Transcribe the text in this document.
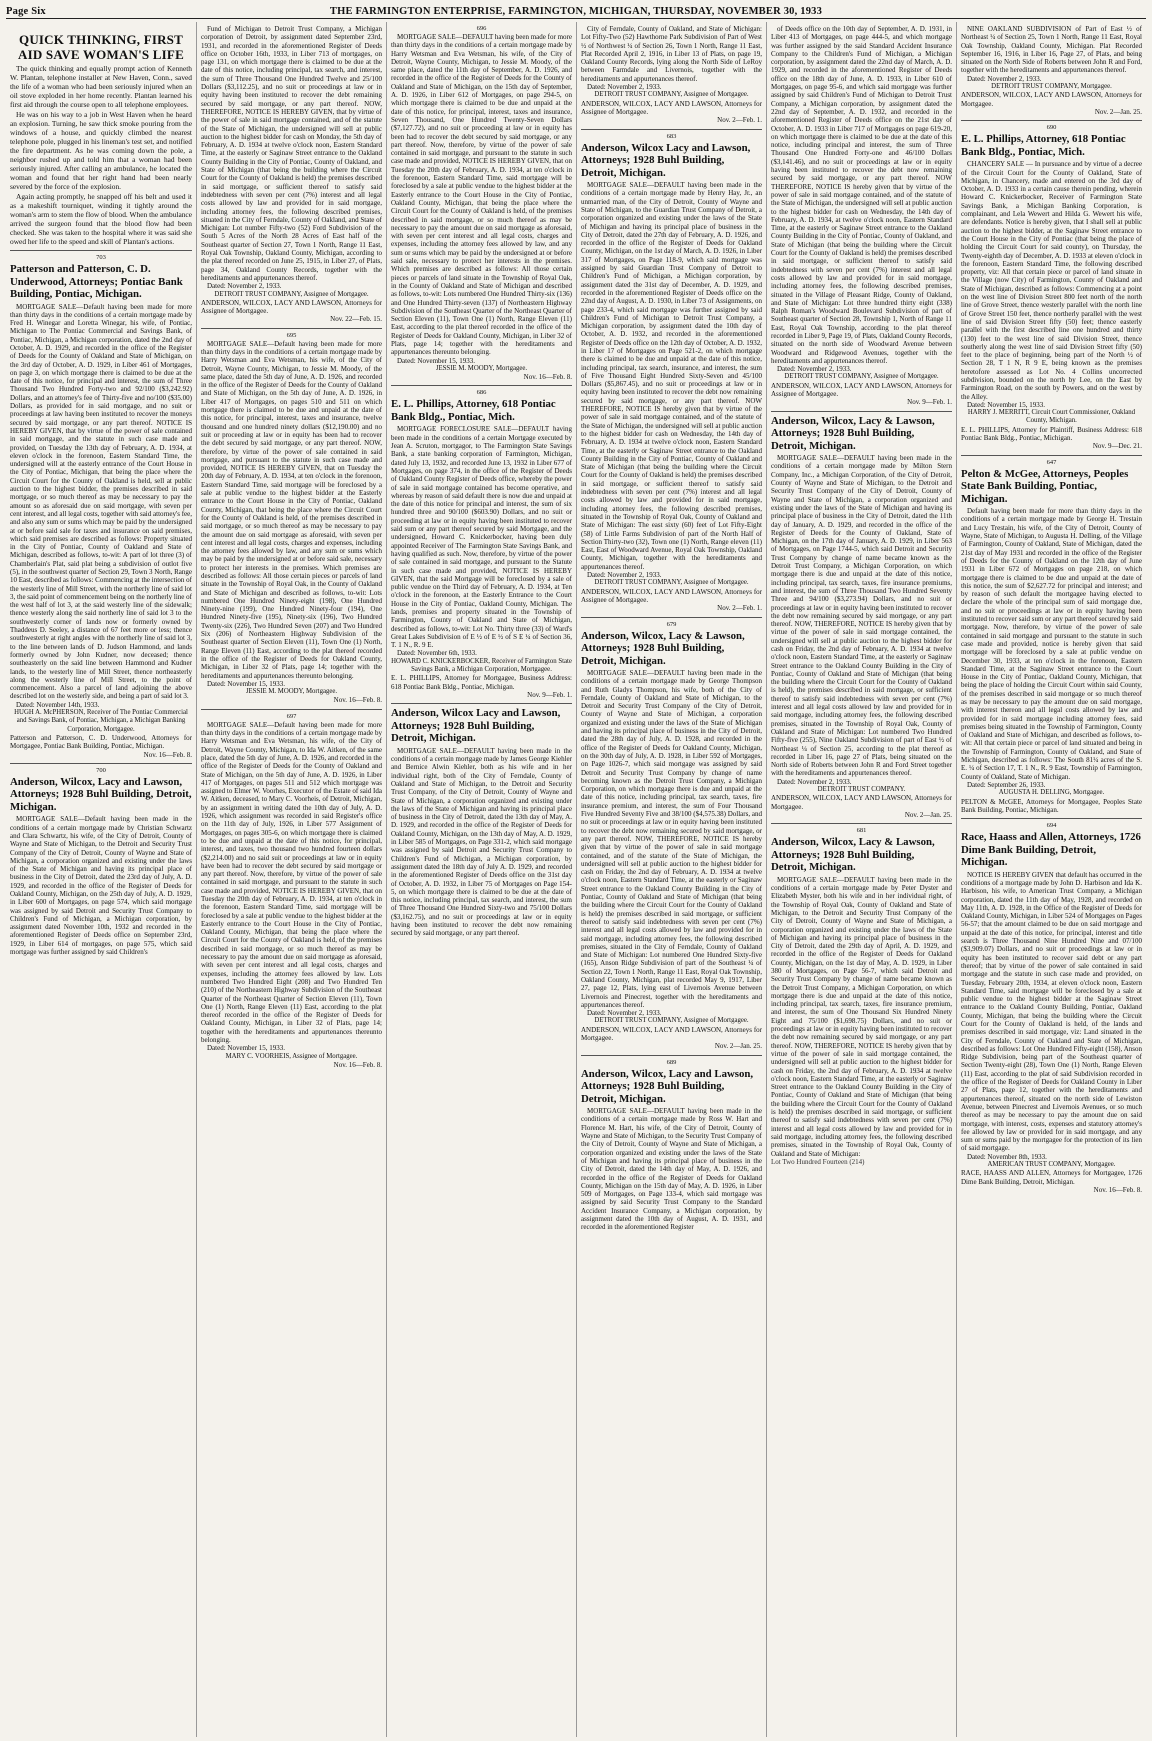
Page Six	THE FARMINGTON ENTERPRISE, FARMINGTON, MICHIGAN, THURSDAY, NOVEMBER 30, 1933
QUICK THINKING, FIRST
AID SAVE WOMAN'S LIFE

The quick thinking and equally prompt action of Kenneth W. Plantan, telephone installer at New Haven, Conn., saved the life of a woman who had been seriously injured when an oil stove exploded in her home recently. Plantan learned his first aid through the course open to all telephone employees.

He was on his way to a job in West Haven when he heard an explosion. Turning, he saw thick smoke pouring from the windows of a house, and quickly climbed the nearest telephone pole, plugged in his lineman's test set, and notified the fire department. As he was coming down the pole, a neighbor rushed up and told him that a woman had been seriously injured. After calling an ambulance, he located the woman and found that her right hand had been nearly severed by the force of the explosion.

Again acting promptly, he snapped off his belt and used it as a makeshift tourniquet, winding it tightly around the woman's arm to stem the flow of blood. When the ambulance arrived the surgeon found that the blood flow had been checked. She was taken to the hospital where it was said she owed her life to the speed and skill of Plantan's actions.

703
Patterson and Patterson, C. D. Underwood, Attorneys; Pontiac Bank Building, Pontiac, Michigan.

MORTGAGE SALE—Default having been made for more than thirty days in the conditions of a certain mortgage made by Fred H. Winegar and Loretta Winegar, his wife, of Pontiac, Michigan to The Pontiac Commercial and Savings Bank, of Pontiac, Michigan, a Michigan corporation, dated the 2nd day of October, A. D. 1929, and recorded in the office of the Register of Deeds for the County of Oakland and State of Michigan, on the 3rd day of October, A. D. 1929, in Liber 461 of Mortgages, on page 3, on which mortgage there is claimed to be due at the date of this notice, for principal and interest, the sum of Three Thousand Two Hundred Forty-two and 92/100 ($3,242.92) Dollars, and an attorney's fee of Thirty-five and no/100 ($35.00) Dollars, as provided for in said mortgage, and no suit or proceedings at law having been instituted to recover the moneys secured by said mortgage, or any part thereof. NOTICE IS HEREBY GIVEN, that by virtue of the power of sale contained in said mortgage, and the statute in such case made and provided, on Tuesday the 13th day of February, A. D. 1934, at eleven o'clock in the forenoon, Eastern Standard Time, the undersigned will at the easterly entrance of the Court House in the City of Pontiac, Michigan, that being the place where the Circuit Court for the County of Oakland is held, sell at public auction to the highest bidder, the premises described in said mortgage, or so much thereof as may be necessary to pay the amount so as aforesaid due on said mortgage, with seven per cent interest, and all legal costs, together with said attorney's fee, and also any sum or sums which may be paid by the undersigned at or before said sale for taxes and insurance on said premises, which said premises are described as follows: Property situated in the City of Pontiac, County of Oakland and State of Michigan, described as follows, to-wit: A part of lot three (3) of Chamberlain's Plat, said plat being a subdivision of outlot five (5), in the southwest quarter of Section 29, Town 3 North, Range 10 East, described as follows: Commencing at the intersection of the westerly line of Mill Street, with the northerly line of said lot 3, the said point of commencement being on the northerly line of the west half of lot 3, at the said westerly line of the sidewalk; thence westerly along the said northerly line of said lot 3 to the southwesterly corner of lands now or formerly owned by Thaddeus D. Seeley, a distance of 67 feet more or less; thence southwesterly at right angles with the northerly line of said lot 3, to the line between lands of D. Judson Hammond, and lands formerly owned by John Kudner, now deceased; thence southeasterly on the said line between Hammond and Kudner lands, to the westerly line of Mill Street, thence northeasterly along the westerly line of Mill Street, to the point of commencement. Also a parcel of land adjoining the above described lot on the westerly side, and being a part of said lot 3.

Dated: November 14th, 1933.

HUGH A. McPHERSON, Receiver of The Pontiac Commercial and Savings Bank, of Pontiac, Michigan, a Michigan Banking Corporation, Mortgagee.
Patterson and Patterson, C. D. Underwood, Attorneys for Mortgagee, Pontiac Bank Building, Pontiac, Michigan.
Nov. 16—Feb. 8.
700
Anderson, Wilcox, Lacy and Lawson, Attorneys; 1928 Buhl Building, Detroit, Michigan.

MORTGAGE SALE—Default having been made in the conditions of a certain mortgage made by Christian Schwartz and Clara Schwartz, his wife, of the City of Detroit, County of Wayne and State of Michigan, to the Detroit and Security Trust Company of the City of Detroit, County of Wayne and State of Michigan, a corporation organized and existing under the laws of the State of Michigan and having its principal place of business in the City of Detroit, dated the 23rd day of July, A. D. 1929, and recorded in the office of the Register of Deeds for Oakland County, Michigan, on the 25th day of July, A. D. 1929, in Liber 600 of Mortgages, on page 574, which said mortgage was assigned by said Detroit and Security Trust Company to Children's Fund of Michigan, a Michigan corporation, by assignment dated November 10th, 1932 and recorded in the aforementioned Register of Deeds office on September 23rd, 1929, in Liber 614 of mortgages, on page 575, which said mortgage was further assigned by said Children's

Fund of Michigan to Detroit Trust Company, a Michigan corporation of Detroit, by assignment dated September 23rd, 1931, and recorded in the aforementioned Register of Deeds office on October 16th, 1933, in Liber 713 of mortgages, on page 131, on which mortgage there is claimed to be due at the date of this notice, including principal, tax search, and interest, the sum of Three Thousand One Hundred Twelve and 25/100 Dollars ($3,112.25), and no suit or proceedings at law or in equity having been instituted to recover the debt remaining secured by said mortgage, or any part thereof. NOW, THEREFORE, NOTICE IS HEREBY GIVEN, that by virtue of the power of sale in said mortgage contained, and of the statute of the State of Michigan, the undersigned will sell at public auction to the highest bidder for cash on Monday, the 5th day of February, A. D. 1934 at twelve o'clock noon, Eastern Standard Time, at the easterly or Saginaw Street entrance to the Oakland County Building in the City of Pontiac, County of Oakland, and State of Michigan (that being the building where the Circuit Court for the County of Oakland is held) the premises described in said mortgage, or sufficient thereof to satisfy said indebtedness with seven per cent (7%) interest and all legal costs allowed by law and provided for in said mortgage, including attorney fees, the following described premises, situated in the City of Ferndale, County of Oakland, and State of Michigan: Lot number Fifty-two (52) Ford Subdivision of the South 5 Acres of the North 28 Acres of East half of the Southeast quarter of Section 27, Town 1 North, Range 11 East, Royal Oak Township, Oakland County, Michigan, according to the plat thereof recorded on June 25, 1915, in Liber 27, of Plats, page 34, Oakland County Records, together with the hereditaments and appurtenances thereof.

Dated: November 2, 1933.

DETROIT TRUST COMPANY, Assignee of Mortgagee.
ANDERSON, WILCOX, LACY AND LAWSON, Attorneys for Assignee of Mortgagee.
Nov. 22—Feb. 15.
695

MORTGAGE SALE—Default having been made for more than thirty days in the conditions of a certain mortgage made by Harry Wetsman and Eva Wetsman, his wife, of the City of Detroit, Wayne County, Michigan, to Jessie M. Moody, of the same place, dated the 5th day of June, A. D. 1926, and recorded in the office of the Register of Deeds for the County of Oakland and State of Michigan, on the 5th day of June, A. D. 1926, in Liber 417 of Mortgages, on pages 510 and 511 on which mortgage there is claimed to be due and unpaid at the date of this notice, for principal, interest, taxes and insurance, twelve thousand and one hundred ninety dollars ($12,190.00) and no suit or proceeding at law or in equity has been had to recover the debt secured by said mortgage, or any part thereof. NOW, therefore, by virtue of the power of sale contained in said mortgage, and pursuant to the statute in such case made and provided, NOTICE IS HEREBY GIVEN, that on Tuesday the 20th day of February, A. D. 1934, at ten o'clock in the forenoon, Eastern Standard Time, said mortgage will be foreclosed by a sale at public vendue to the highest bidder at the Easterly entrance to the Court House in the City of Pontiac, Oakland County, Michigan, that being the place where the Circuit Court for the County of Oakland is held, of the premises described in said mortgage, or so much thereof as may be necessary to pay the amount due on said mortgage as aforesaid, with seven per cent interest and all legal costs, charges and expenses, including the attorney fees allowed by law, and any sum or sums which may be paid by the undersigned at or before said sale, necessary to protect her interests in the premises. Which premises are described as follows: All those certain pieces or parcels of land situate in the Township of Royal Oak, in the County of Oakland and State of Michigan and described as follows, to-wit: Lots numbered One Hundred Ninety-eight (198), One Hundred Ninety-nine (199), One Hundred Ninety-four (194), One Hundred Ninety-five (195), Ninety-six (196), Two Hundred Twenty-six (226), Two Hundred Seven (207) and Two Hundred Six (206) of Northeastern Highway Subdivision of the Southeast quarter of Section Eleven (11), Town One (1) North, Range Eleven (11) East, according to the plat thereof recorded in the office of the Register of Deeds for Oakland County, Michigan, in Liber 32 of Plats, page 14; together with the hereditaments and appurtenances thereunto belonging.

Dated: November 15, 1933.

JESSIE M. MOODY, Mortgagee.
Nov. 16—Feb. 8.
697

MORTGAGE SALE—Default having been made for more than thirty days in the conditions of a certain mortgage made by Harry Wetsman and Eva Wetsman, his wife, of the City of Detroit, Wayne County, Michigan, to Ida W. Aitken, of the same place, dated the 5th day of June, A. D. 1926, and recorded in the office of the Register of Deeds for the County of Oakland and State of Michigan, on the 5th day of June, A. D. 1926, in Liber 417 of Mortgages, on pages 511 and 512 which mortgage was assigned to Elmer W. Voorhes, Executor of the Estate of said Ida W. Aitken, deceased, to Mary C. Voorheis, of Detroit, Michigan, by an assignment in writing dated the 10th day of July, A. D. 1926, which assignment was recorded in said Register's office on the 11th day of July, 1926, in Liber 577 Assignment of Mortgages, on pages 305-6, on which mortgage there is claimed to be due and unpaid at the date of this notice, for principal, interest, and taxes, two thousand two hundred fourteen dollars ($2,214.00) and no said suit or proceedings at law or in equity have been had to recover the debt secured by said mortgage or any part thereof. Now, therefore, by virtue of the power of sale contained in said mortgage, and pursuant to the statute in such case made and provided, NOTICE IS HEREBY GIVEN, that on Tuesday the 20th day of February, A. D. 1934, at ten o'clock in the forenoon, Eastern Standard Time, said mortgage will be foreclosed by a sale at public vendue to the highest bidder at the Easterly entrance to the Court House in the City of Pontiac, Oakland County, Michigan, that being the place where the Circuit Court for the County of Oakland is held, of the premises described in said mortgage, or so much thereof as may be necessary to pay the amount due on said mortgage as aforesaid, with seven per cent interest and all legal costs, charges and expenses, including the attorney fees allowed by law. Lots numbered Two Hundred Eight (208) and Two Hundred Ten (210) of the Northeastern Highway Subdivision of the Southeast Quarter of the Northeast Quarter of Section Eleven (11), Town One (1) North, Range Eleven (11) East, according to the plat thereof recorded in the office of the Register of Deeds for Oakland County, Michigan, in Liber 32 of Plats, page 14; together with the hereditaments and appurtenances thereunto belonging.

Dated: November 15, 1933.

MARY C. VOORHEIS, Assignee of Mortgagee.
Nov. 16—Feb. 8.
696

MORTGAGE SALE—DEFAULT having been made for more than thirty days in the conditions of a certain mortgage made by Harry Wetsman and Eva Wetsman, his wife, of the City of Detroit, Wayne County, Michigan, to Jessie M. Moody, of the same place, dated the 11th day of September, A. D. 1926, and recorded in the office of the Register of Deeds for the County of Oakland and State of Michigan, on the 15th day of September, A. D. 1926, in Liber 612 of Mortgages, on page 294-5, on which mortgage there is claimed to be due and unpaid at the date of this notice, for principal, interest, taxes and insurance, Seven Thousand, One Hundred Twenty-Seven Dollars ($7,127.72), and no suit or proceeding at law or in equity has been had to recover the debt secured by said mortgage, or any part thereof. Now, therefore, by virtue of the power of sale contained in said mortgage, and pursuant to the statute in such case made and provided, NOTICE IS HEREBY GIVEN, that on Tuesday the 20th day of February, A. D. 1934, at ten o'clock in the forenoon, Eastern Standard Time, said mortgage will be foreclosed by a sale at public vendue to the highest bidder at the Easterly entrance to the Court House in the City of Pontiac, Oakland County, Michigan, that being the place where the Circuit Court for the County of Oakland is held, of the premises described in said mortgage, or so much thereof as may be necessary to pay the amount due on said mortgage as aforesaid, with seven per cent interest and all legal costs, charges and expenses, including the attorney fees allowed by law, and any sum or sums which may be paid by the undersigned at or before said sale, necessary to protect her interests in the premises. Which premises are described as follows: All those certain pieces or parcels of land situate in the Township of Royal Oak, in the County of Oakland and State of Michigan and described as follows, to-wit: Lots numbered One Hundred Thirty-six (136) and One Hundred Thirty-seven (137) of Northeastern Highway Subdivision of the Southeast Quarter of the Northeast Quarter of Section Eleven (11), Town One (1) North, Range Eleven (11) East, according to the plat thereof recorded in the office of the Register of Deeds for Oakland County, Michigan, in Liber 32 of Plats, page 14; together with the hereditaments and appurtenances thereunto belonging.

Dated: November 15, 1933.

JESSIE M. MOODY, Mortgagee.
Nov. 16—Feb. 8.
686
E. L. Phillips, Attorney, 618 Pontiac Bank Bldg., Pontiac, Mich.

MORTGAGE FORECLOSURE SALE—DEFAULT having been made in the conditions of a certain Mortgage executed by Jean A. Scruton, mortgagor, to The Farmington State Savings Bank, a state banking corporation of Farmington, Michigan, dated July 13, 1932, and recorded June 13, 1932 in Liber 677 of Mortgages, on page 374, in the office of the Register of Deeds of Oakland County Register of Deeds office, whereby the power of sale in said mortgage contained has become operative, and whereas by reason of said default there is now due and unpaid at the date of this notice for principal and interest, the sum of six hundred three and 90/100 ($603.90) Dollars, and no suit or proceeding at law or in equity having been instituted to recover said sum or any part thereof secured by said Mortgage, and the undersigned, Howard C. Knickerbocker, having been duly appointed Receiver of The Farmington State Savings Bank, and having qualified as such. Now, therefore, by virtue of the power of sale contained in said mortgage, and pursuant to the Statute in such case made and provided, NOTICE IS HEREBY GIVEN, that the said Mortgage will be foreclosed by a sale of public vendue on the Third day of February, A. D. 1934, at Ten o'clock in the forenoon, at the Easterly Entrance to the Court House in the City of Pontiac, Oakland County, Michigan. The lands, premises and property situated in the Township of Farmington, County of Oakland and State of Michigan, described as follows, to-wit: Lot No. Thirty three (33) of Ward's Great Lakes Subdivision of E ½ of E ½ of S E ¼ of Section 36, T. 1 N., R. 9 E.

Dated: November 6th, 1933.

HOWARD C. KNICKERBOCKER, Receiver of Farmington State Savings Bank, a Michigan Corporation, Mortgagee.
E. L. PHILLIPS, Attorney for Mortgagee, Business Address: 618 Pontiac Bank Bldg., Pontiac, Michigan.
Nov. 9—Feb. 1.
Anderson, Wilcox Lacy and Lawson, Attorneys; 1928 Buhl Building, Detroit, Michigan.

MORTGAGE SALE—DEFAULT having been made in the conditions of a certain mortgage made by James George Kiehler and Bernice Alwin Kiehler, both as his wife and in her individual right, both of the City of Ferndale, County of Oakland and State of Michigan, to the Detroit and Security Trust Company, of the City of Detroit, County of Wayne and State of Michigan, a corporation organized and existing under the laws of the State of Michigan and having its principal place of business in the City of Detroit, dated the 13th day of May, A. D. 1929, and recorded in the office of the Register of Deeds for Oakland County, Michigan, on the 13th day of May, A. D. 1929, in Liber 585 of Mortgages, on Page 331-2, which said mortgage was assigned by said Detroit and Security Trust Company to Children's Fund of Michigan, a Michigan corporation, by assignment dated the 18th day of July A. D. 1929, and recorded in the aforementioned Register of Deeds office on the 31st day of October, A. D. 1932, in Liber 75 of Mortgages on Page 154-5, on which mortgage there is claimed to be due at the date of this notice, including principal, tax search, and interest, the sum of Three Thousand One Hundred Sixty-two and 75/100 Dollars ($3,162.75), and no suit or proceedings at law or in equity having been instituted to recover the debt now remaining secured by said mortgage, or any part thereof.

City of Ferndale, County of Oakland, and State of Michigan: Lot Fifty-Two (52) Hawthorne Park Subdivision of Part of West ½ of Northwest ¼ of Section 26, Town 1 North, Range 11 East, Plat Recorded April 2, 1916, in Liber 13 of Plats, on page 19, Oakland County Records, lying along the North Side of LeRoy between Farmdale and Livernois, together with the hereditaments and appurtenances thereof.

Dated: November 2, 1933.

DETROIT TRUST COMPANY, Assignee of Mortgagee.
ANDERSON, WILCOX, LACY AND LAWSON, Attorneys for Assignee of Mortgagee.
Nov. 2—Feb. 1.
683
Anderson, Wilcox Lacy and Lawson, Attorneys; 1928 Buhl Building, Detroit, Michigan.

MORTGAGE SALE—DEFAULT having been made in the conditions of a certain mortgage made by Henry Hay, Jr., an unmarried man, of the City of Detroit, County of Wayne and State of Michigan, to the Guardian Trust Company of Detroit, a corporation organized and existing under the laws of the State of Michigan and having its principal place of business in the City of Detroit, dated the 27th day of February, A. D. 1926, and recorded in the office of the Register of Deeds for Oakland County, Michigan, on the 1st day of March, A. D. 1926, in Liber 317 of Mortgages, on Page 118-9, which said mortgage was assigned by said Guardian Trust Company of Detroit to Children's Fund of Michigan, a Michigan corporation, by assignment dated the 31st day of December, A. D. 1929, and recorded in the aforementioned Register of Deeds office on the 22nd day of August, A. D. 1930, in Liber 73 of Assignments, on page 233-4, which said mortgage was further assigned by said Children's Fund of Michigan to Detroit Trust Company, a Michigan corporation, by assignment dated the 10th day of October, A. D. 1932, and recorded in the aforementioned Register of Deeds office on the 12th day of October, A. D. 1932, in Liber 17 of Mortgages on Page 521-2, on which mortgage there is claimed to be due and unpaid at the date of this notice, including principal, tax search, insurance, and interest, the sum of Five Thousand Eight Hundred Sixty-Seven and 45/100 Dollars ($5,867.45), and no suit or proceedings at law or in equity having been instituted to recover the debt now remaining secured by said mortgage, or any part thereof. NOW THEREFORE, NOTICE IS hereby given that by virtue of the power of sale in said mortgage contained, and of the statute of the State of Michigan, the undersigned will sell at public auction to the highest bidder for cash on Wednesday, the 14th day of February, A. D. 1934 at twelve o'clock noon, Eastern Standard Time, at the easterly or Saginaw Street entrance to the Oakland County Building in the City of Pontiac, County of Oakland and State of Michigan (that being the building where the Circuit Court for the County of Oakland is held) the premises described in said mortgage, or sufficient thereof to satisfy said indebtedness with seven per cent (7%) interest and all legal costs allowed by law and provided for in said mortgage, including attorney fees, the following described premises, situated in the Township of Royal Oak, County of Oakland and State of Michigan: The east sixty (60) feet of Lot Fifty-Eight (58) of Little Farms Subdivision of part of the North Half of Section Thirty-two (32), Town one (1) North, Range eleven (11) East, East of Woodward Avenue, Royal Oak Township, Oakland County, Michigan, together with the hereditaments and appurtenances thereof.

Dated: November 2, 1933.

DETROIT TRUST COMPANY, Assignee of Mortgagee.
ANDERSON, WILCOX, LACY AND LAWSON, Attorneys for Assignee of Mortgagee.
Nov. 2—Feb. 1.
679
Anderson, Wilcox, Lacy & Lawson, Attorneys; 1928 Buhl Building, Detroit, Michigan.

MORTGAGE SALE—DEFAULT having been made in the conditions of a certain mortgage made by George Thompson and Ruth Gladys Thompson, his wife, both of the City of Ferndale, County of Oakland and State of Michigan, to the Detroit and Security Trust Company of the City of Detroit, County of Wayne and State of Michigan, a corporation organized and existing under the laws of the State of Michigan and having its principal place of business in the City of Detroit, dated the 28th day of July, A. D. 1928, and recorded in the office of the Register of Deeds for Oakland County, Michigan, on the 30th day of July, A. D. 1928, in Liber 592 of Mortgages, on Page 1026-7, which said mortgage was assigned by said Detroit and Security Trust Company by change of name becoming known as the Detroit Trust Company, a Michigan Corporation, on which mortgage there is due and unpaid at the date of this notice, including principal, tax search, taxes, fire insurance premium, and interest, the sum of Four Thousand Five Hundred Seventy Five and 38/100 ($4,575.38) Dollars, and no suit or proceedings at law or in equity having been instituted to recover the debt now remaining secured by said mortgage, or any part thereof. NOW, THEREFORE, NOTICE IS hereby given that by virtue of the power of sale in said mortgage contained, and of the statute of the State of Michigan, the undersigned will sell at public auction to the highest bidder for cash on Friday, the 2nd day of February, A. D. 1934 at twelve o'clock noon, Eastern Standard Time, at the easterly or Saginaw Street entrance to the Oakland County Building in the City of Pontiac, County of Oakland and State of Michigan (that being the building where the Circuit Court for the County of Oakland is held) the premises described in said mortgage, or sufficient thereof to satisfy said indebtedness with seven per cent (7%) interest and all legal costs allowed by law and provided for in said mortgage, including attorney fees, the following described premises, situated in the City of Ferndale, County of Oakland and State of Michigan: Lot numbered One Hundred Sixty-five (165), Anson Ridge Subdivision of part of the Southeast ¼ of Section 22, Town 1 North, Range 11 East, Royal Oak Township, Oakland County, Michigan, plat recorded May 9, 1917, Liber 27, page 12, Plats, lying east of Livernois Avenue between Livernois and Pinecrest, together with the hereditaments and appurtenances thereof.

Dated: November 2, 1933.

DETROIT TRUST COMPANY, Assignee of Mortgagee.
ANDERSON, WILCOX, LACY AND LAWSON, Attorneys for Mortgagee.
Nov. 2—Jan. 25.
689
Anderson, Wilcox, Lacy and Lawson, Attorneys; 1928 Buhl Building, Detroit, Michigan.

MORTGAGE SALE—DEFAULT having been made in the conditions of a certain mortgage made by Ross W. Hart and Florence M. Hart, his wife, of the City of Detroit, County of Wayne and State of Michigan, to the Security Trust Company of the City of Detroit, County of Wayne and State of Michigan, a corporation organized and existing under the laws of the State of Michigan and having its principal place of business in the City of Detroit, dated the 14th day of May, A. D. 1926, and recorded in the office of the Register of Deeds for Oakland County, Michigan on the 15th day of May, A. D. 1926, in Liber 509 of Mortgages, on Page 133-4, which said mortgage was assigned by said Security Trust Company to the Standard Accident Insurance Company, a Michigan corporation, by assignment dated the 10th day of August, A. D. 1931, and recorded in the aforementioned Register

of Deeds office on the 10th day of September, A. D. 1931, in Liber 413 of Mortgages, on page 444-5, and which mortgage was further assigned by the said Standard Accident Insurance Company to the Children's Fund of Michigan, a Michigan corporation, by assignment dated the 22nd day of March, A. D. 1929, and recorded in the aforementioned Register of Deeds office on the 18th day of June, A. D. 1933, in Liber 610 of Mortgages, on page 95-6, and which said mortgage was further assigned by said Children's Fund of Michigan to Detroit Trust Company, a Michigan corporation, by assignment dated the 22nd day of September, A. D. 1932, and recorded in the aforementioned Register of Deeds office on the 21st day of October, A. D. 1933 in Liber 717 of Mortgages on page 619-20, on which mortgage there is claimed to be due at the date of this notice, including principal and interest, the sum of Three Thousand One Hundred Forty-one and 46/100 Dollars ($3,141.46), and no suit or proceedings at law or in equity having been instituted to recover the debt now remaining secured by said mortgage, or any part thereof. NOW THEREFORE, NOTICE IS hereby given that by virtue of the power of sale in said mortgage contained, and of the statute of the State of Michigan, the undersigned will sell at public auction to the highest bidder for cash on Wednesday, the 14th day of February, A. D. 1934, at twelve o'clock noon, Eastern Standard Time, at the easterly or Saginaw Street entrance to the Oakland County Building in the City of Pontiac, County of Oakland, and State of Michigan (that being the building where the Circuit Court for the County of Oakland is held) the premises described in said mortgage, or sufficient thereof to satisfy said indebtedness with seven per cent (7%) interest and all legal costs allowed by law and provided for in said mortgage, including attorney fees, the following described premises, situated in the Village of Pleasant Ridge, County of Oakland, and State of Michigan: Lot three hundred thirty eight (338) Ralph Roman's Woodward Boulevard Subdivision of part of Southeast quarter of Section 28, Township 1, North of Range 11 East, Royal Oak Township, according to the plat thereof recorded in Liber 9, Page 19, of Plats, Oakland County Records, situated on the north side of Woodward Avenue between Woodward and Ridgewood Avenues, together with the hereditaments and appurtenances thereof.

Dated: November 2, 1933.

DETROIT TRUST COMPANY, Assignee of Mortgagee.
ANDERSON, WILCOX, LACY AND LAWSON, Attorneys for Assignee of Mortgagee.
Nov. 9—Feb. 1.
Anderson, Wilcox, Lacy & Lawson, Attorneys; 1928 Buhl Building, Detroit, Michigan.

MORTGAGE SALE—DEFAULT having been made in the conditions of a certain mortgage made by Milton Stern Company, Inc., a Michigan Corporation, of the City of Detroit, County of Wayne and State of Michigan, to the Detroit and Security Trust Company of the City of Detroit, County of Wayne and State of Michigan, a corporation organized and existing under the laws of the State of Michigan and having its principal place of business in the City of Detroit, dated the 11th day of January, A. D. 1929, and recorded in the office of the Register of Deeds for the County of Oakland, State of Michigan, on the 17th day of January, A. D. 1929, in Liber 563 of Mortgages, on Page 1744-5, which said Detroit and Security Trust Company by change of name became known as the Detroit Trust Company, a Michigan Corporation, on which mortgage there is due and unpaid at the date of this notice, including principal, tax search, taxes, fire insurance premiums, and interest, the sum of Three Thousand Two Hundred Seventy Three and 94/100 ($3,273.94) Dollars, and no suit or proceedings at law or in equity having been instituted to recover the debt now remaining secured by said mortgage, or any part thereof. NOW, THEREFORE, NOTICE IS hereby given that by virtue of the power of sale in said mortgage contained, the undersigned will sell at public auction to the highest bidder for cash on Friday, the 2nd day of February, A. D. 1934 at twelve o'clock noon, Eastern Standard Time, at the easterly or Saginaw Street entrance to the Oakland County Building in the City of Pontiac, County of Oakland and State of Michigan (that being the building where the Circuit Court for the County of Oakland is held), the premises described in said mortgage, or sufficient thereof to satisfy said indebtedness with seven per cent (7%) interest and all legal costs allowed by law and provided for in said mortgage, including attorney fees, the following described premises, situated in the Township of Royal Oak, County of Oakland and State of Michigan: Lot numbered Two Hundred Fifty-five (255), Nine Oakland Subdivision of part of East ½ of Northeast ¼ of Section 25, according to the plat thereof as recorded in Liber 16, page 27 of Plats, being situated on the North side of Roberts between John R and Ford Street together with the hereditaments and appurtenances thereof.

Dated: November 2, 1933.

DETROIT TRUST COMPANY.
ANDERSON, WILCOX, LACY AND LAWSON, Attorneys for Mortgagee.
Nov. 2—Jan. 25.
681
Anderson, Wilcox, Lacy & Lawson, Attorneys; 1928 Buhl Building, Detroit, Michigan.

MORTGAGE SALE—DEFAULT having been made in the conditions of a certain mortgage made by Peter Dyster and Elizabeth Myster, both his wife and in her individual right, of the Township of Royal Oak, County of Oakland and State of Michigan, to the Detroit and Security Trust Company of the City of Detroit, County of Wayne and State of Michigan, a corporation organized and existing under the laws of the State of Michigan and having its principal place of business in the City of Detroit, dated the 29th day of April, A. D. 1929, and recorded in the office of the Register of Deeds for Oakland County, Michigan, on the 1st day of May, A. D. 1929, in Liber 380 of Mortgages, on Page 56-7, which said Detroit and Security Trust Company by change of name became known as the Detroit Trust Company, a Michigan Corporation, on which mortgage there is due and unpaid at the date of this notice, including principal, tax search, taxes, fire insurance premium, and interest, the sum of One Thousand Six Hundred Ninety Eight and 75/100 ($1,698.75) Dollars, and no suit or proceedings at law or in equity having been instituted to recover the debt now remaining secured by said mortgage, or any part thereof. NOW, THEREFORE, NOTICE IS hereby given that by virtue of the power of sale in said mortgage contained, the undersigned will sell at public auction to the highest bidder for cash on Friday, the 2nd day of February, A. D. 1934 at twelve o'clock noon, Eastern Standard Time, at the easterly or Saginaw Street entrance to the Oakland County Building in the City of Pontiac, County of Oakland and State of Michigan (that being the building where the Circuit Court for the County of Oakland is held) the premises described in said mortgage, or sufficient thereof to satisfy said indebtedness with seven per cent (7%) interest and all legal costs allowed by law and provided for in said mortgage, including attorney fees, the following described premises, situated in the Township of Royal Oak, County of Oakland and State of Michigan:

Lot Two Hundred Fourteen (214)

NINE OAKLAND SUBDIVISION of Part of East ½ of Northeast ¼ of Section 25, Town 1 North, Range 11 East, Royal Oak Township, Oakland County, Michigan. Plat Recorded September 16, 1916, in Liber 16, Page 27, of Plats, and being situated on the North Side of Roberts between John R and Ford, together with the hereditaments and appurtenances thereof.

Dated: November 2, 1933.

DETROIT TRUST COMPANY, Mortgagee.
ANDERSON, WILCOX, LACY AND LAWSON, Attorneys for Mortgagee.
Nov. 2—Jan. 25.
690
E. L. Phillips, Attorney, 618 Pontiac Bank Bldg., Pontiac, Mich.

CHANCERY SALE — In pursuance and by virtue of a decree of the Circuit Court for the County of Oakland, State of Michigan, in Chancery, made and entered on the 3rd day of October, A. D. 1933 in a certain cause therein pending, wherein Howard C. Knickerbocker, Receiver of Farmington State Savings Bank, a Michigan Banking Corporation, is complainant, and Lela Wewert and Hilda G. Wewert his wife, are defendants. Notice is hereby given, that I shall sell at public auction to the highest bidder, at the Saginaw Street entrance to the Court House in the City of Pontiac (that being the place of holding the Circuit Court for said county), on Thursday, the Twenty-eighth day of December, A. D. 1933 at eleven o'clock in the forenoon, Eastern Standard Time, the following described property, viz: All that certain piece or parcel of land situate in the Village (now City) of Farmington, County of Oakland and State of Michigan, described as follows: Commencing at a point on the west line of Division Street 800 feet north of the north line of Grove Street, thence westerly parallel with the north line of Grove Street 150 feet, thence northerly parallel with the west line of said Division Street fifty (50) feet; thence easterly parallel with the first described line one hundred and thirty (130) feet to the west line of said Division Street, thence southerly along the west line of said Division Street fifty (50) feet to the place of beginning, being part of the North ½ of Section 28, T 1 N, R 9 E, being known as the premises heretofore assessed as Lot No. 4 Collins uncorrected subdivision, bounded on the north by Lee, on the East by Farmington Road, on the south by Powers, and on the west by the Alley.

Dated: November 15, 1933.

HARRY J. MERRITT, Circuit Court Commissioner, Oakland County, Michigan.
E. L. PHILLIPS, Attorney for Plaintiff, Business Address: 618 Pontiac Bank Bldg., Pontiac, Michigan.
Nov. 9—Dec. 21.
647
Pelton & McGee, Attorneys, Peoples State Bank Building, Pontiac, Michigan.

Default having been made for more than thirty days in the conditions of a certain mortgage made by George H. Trestain and Lucy Trestain, his wife, of the City of Detroit, County of Wayne, State of Michigan, to Augusta H. Delling, of the Village of Farmington, County of Oakland, State of Michigan, dated the 21st day of May 1931 and recorded in the office of the Register of Deeds for the County of Oakland on the 12th day of June 1931 in Liber 672 of Mortgages on page 218, on which mortgage there is claimed to be due and unpaid at the date of this notice, the sum of $2,627.72 for principal and interest; and by reason of such default the mortgagee having elected to declare the whole of the principal sum of said mortgage due, and no suit or proceedings at law or in equity having been instituted to recover said sum or any part thereof secured by said mortgage. Now, therefore, by virtue of the power of sale contained in said mortgage and pursuant to the statute in such case made and provided, notice is hereby given that said mortgage will be foreclosed by a sale at public vendue on December 30, 1933, at ten o'clock in the forenoon, Eastern Standard Time, at the Saginaw Street entrance to the Court House in the City of Pontiac, Oakland County, Michigan, that being the place of holding the Circuit Court within said County, of the premises described in said mortgage or so much thereof as may be necessary to pay the amount due on said mortgage, with interest thereon and all legal costs allowed by law and provided for in said mortgage including attorney fees, said premises being situated in the Township of Farmington, County of Oakland and State of Michigan, and described as follows, to-wit: All that certain piece or parcel of land situated and being in the Township of Farmington, County of Oakland, and State of Michigan, described as follows: The South 81¼ acres of the S. E. ¼ of Section 17, T. 1 N., R. 9 East, Township of Farmington, County of Oakland, State of Michigan.

Dated: September 26, 1933.

AUGUSTA H. DELLING, Mortgagee.
PELTON & McGEE, Attorneys for Mortgagee, Peoples State Bank Building, Pontiac, Michigan.
694
Race, Haass and Allen, Attorneys, 1726 Dime Bank Building, Detroit, Michigan.

NOTICE IS HEREBY GIVEN that default has occurred in the conditions of a mortgage made by John D. Harbison and Ida K. Harbison, his wife, to American Trust Company, a Michigan corporation, dated the 11th day of May, 1928, and recorded on May 11th, A. D. 1928, in the Office of the Register of Deeds for Oakland County, Michigan, in Liber 524 of Mortgages on Pages 56-57; that the amount claimed to be due on said mortgage and unpaid at the date of this notice, for principal, interest and title search is Three Thousand Nine Hundred Nine and 07/100 ($3,909.07) Dollars, and no suit or proceedings at law or in equity has been instituted to recover said debt or any part thereof; that by virtue of the power of sale contained in said mortgage and the statute in such case made and provided, on Tuesday, February 20th, 1934, at eleven o'clock noon, Eastern Standard Time, said mortgage will be foreclosed by a sale at public vendue to the highest bidder at the Saginaw Street entrance to the Oakland County Building, Pontiac, Oakland County, Michigan, that being the building where the Circuit Court for the County of Oakland is held, of the lands and premises described in said mortgage, viz: Land situated in the City of Ferndale, County of Oakland and State of Michigan, described as follows: Lot One Hundred Fifty-eight (158), Anson Ridge Subdivision, being part of the Southeast quarter of Section Twenty-eight (28), Town One (1) North, Range Eleven (11) East, according to the plat of said Subdivision recorded in the office of the Register of Deeds for Oakland County in Liber 27 of Plats, page 12, together with the hereditaments and appurtenances thereof, situated on the north side of Lewiston Avenue, between Pinecrest and Livernois Avenues, or so much thereof as may be necessary to pay the amount due on said mortgage, with interest, costs, expenses and statutory attorney's fee allowed by law or provided for in said mortgage, and any sum or sums paid by the mortgagee for the protection of its lien of said mortgage.

Dated: November 8th, 1933.

AMERICAN TRUST COMPANY, Mortgagee.
RACE, HAASS AND ALLEN, Attorneys for Mortgagee, 1726 Dime Bank Building, Detroit, Michigan.
Nov. 16—Feb. 8.
